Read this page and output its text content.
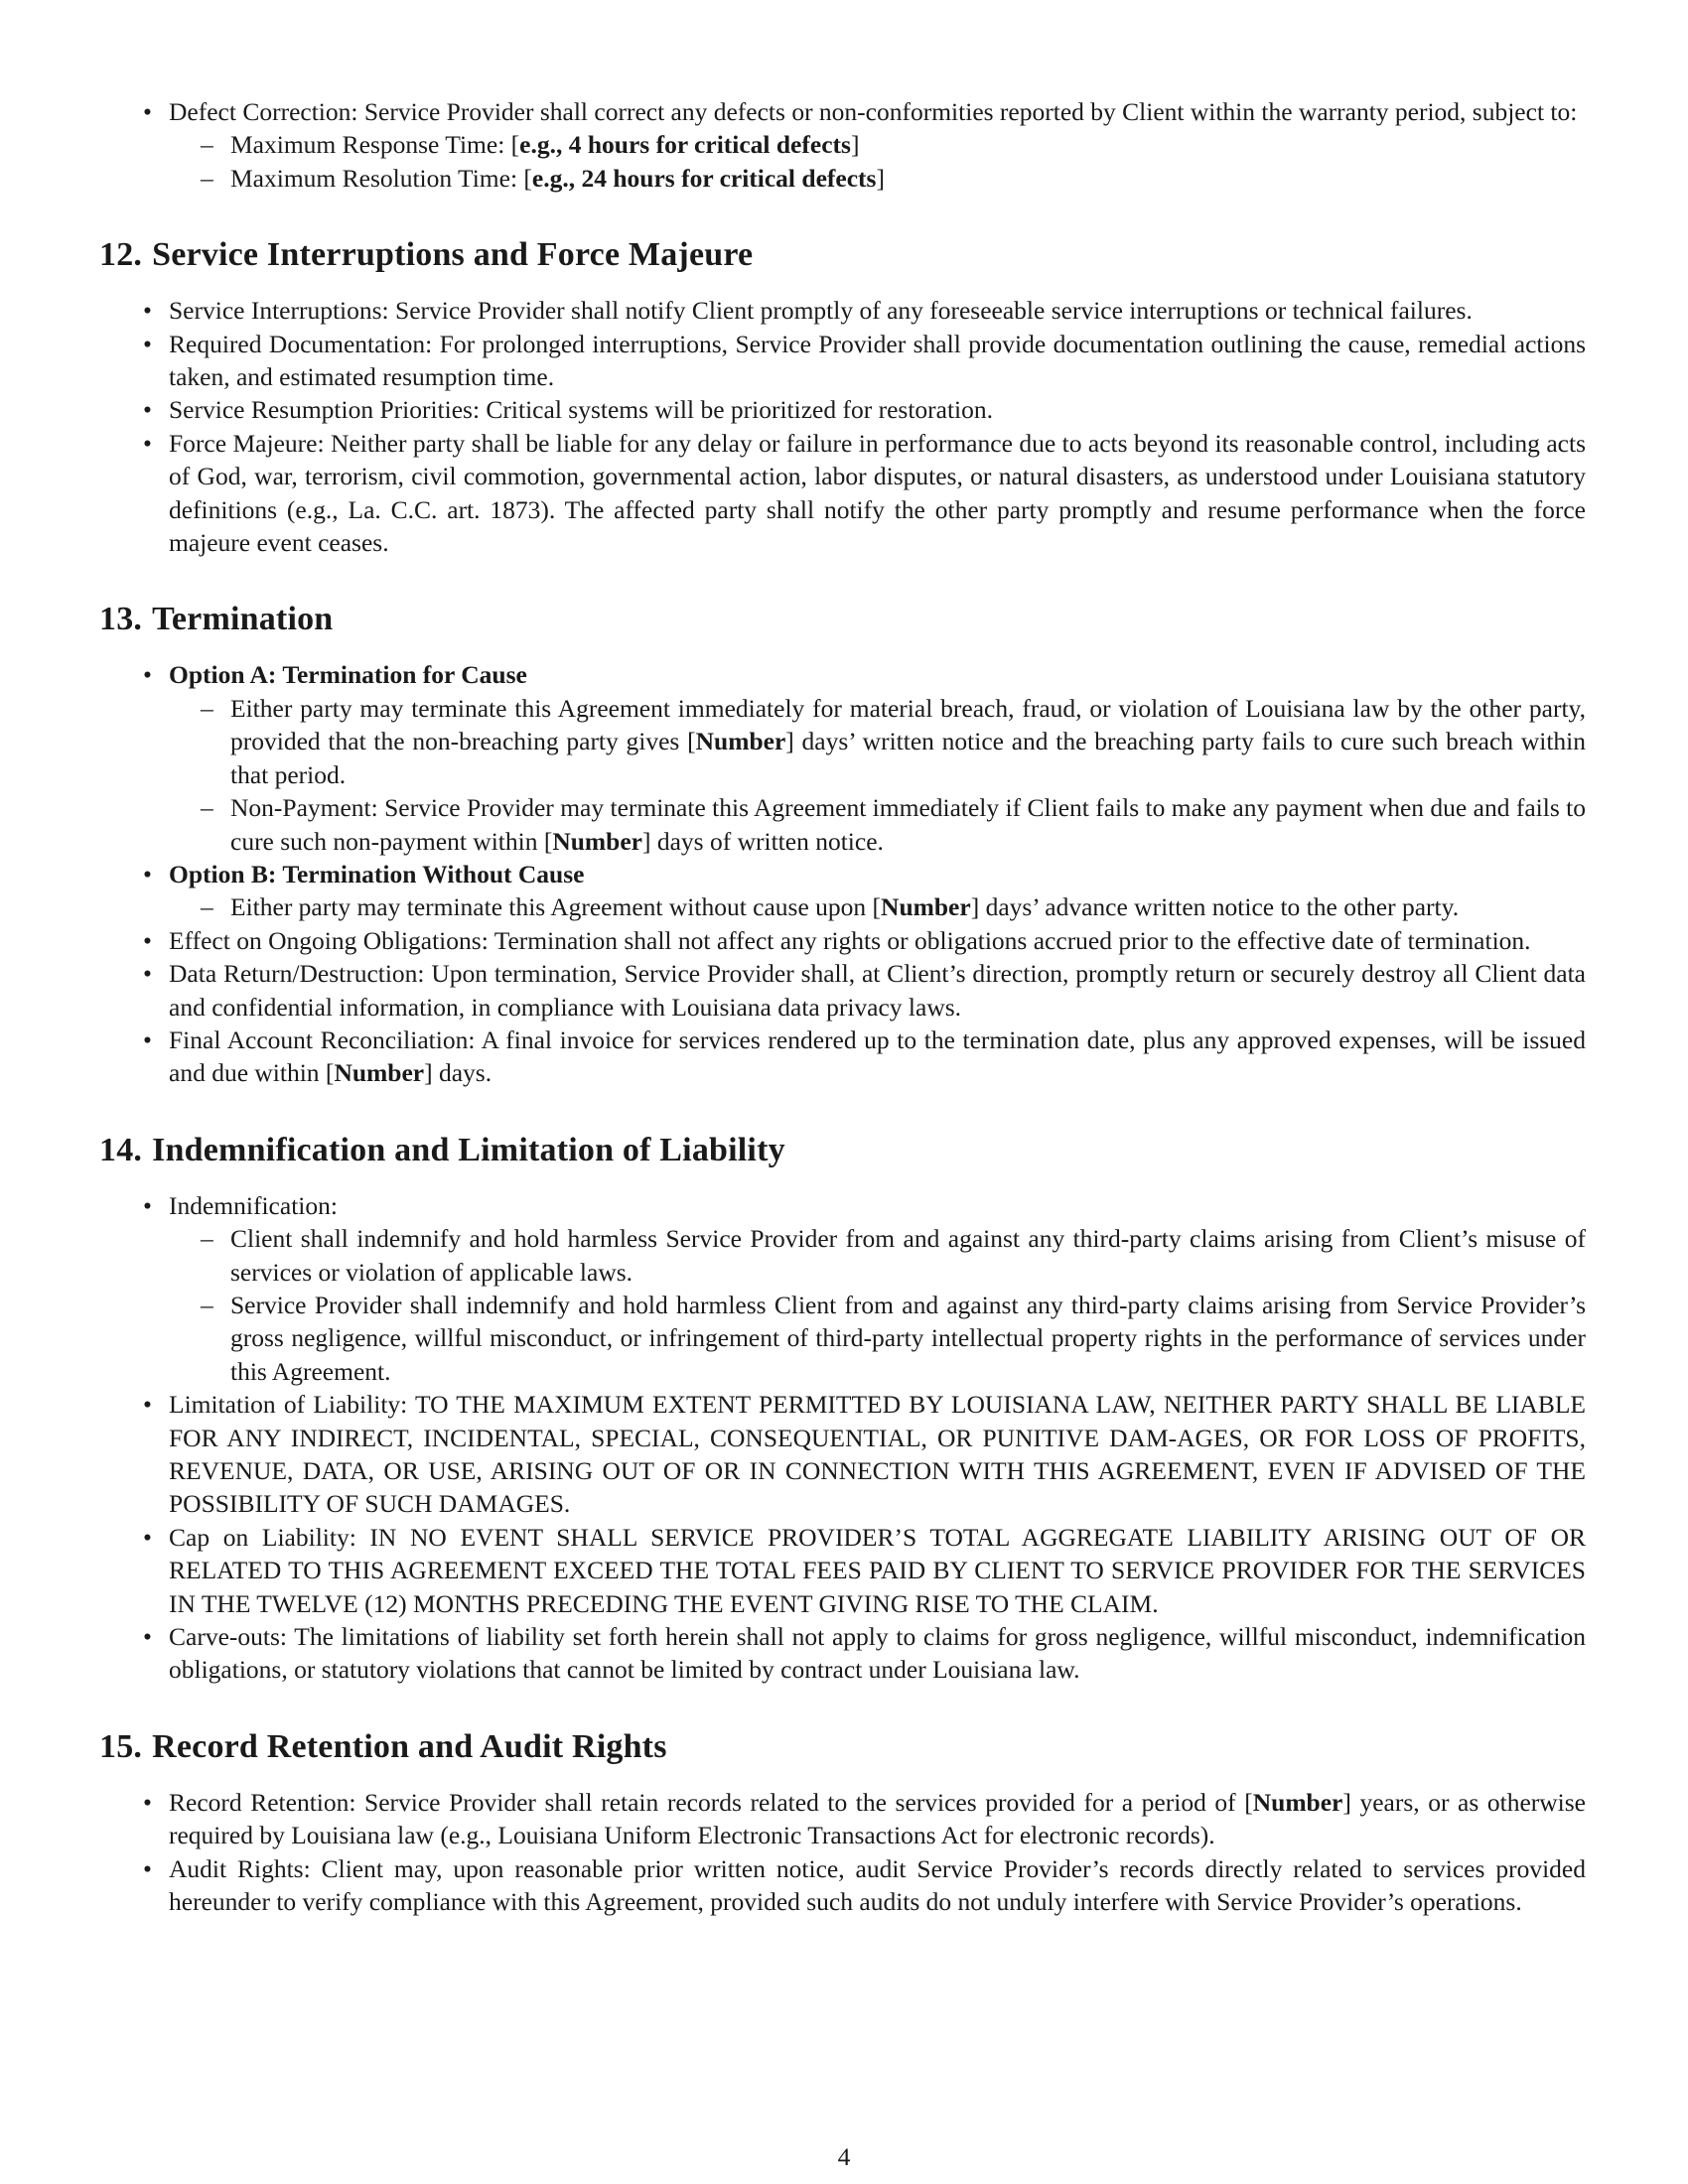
• Defect Correction: Service Provider shall correct any defects or non-conformities reported by Client within the warranty period, subject to:
– Maximum Response Time: [e.g., 4 hours for critical defects]
– Maximum Resolution Time: [e.g., 24 hours for critical defects]
12. Service Interruptions and Force Majeure
• Service Interruptions: Service Provider shall notify Client promptly of any foreseeable service interruptions or technical failures.
• Required Documentation: For prolonged interruptions, Service Provider shall provide documentation outlining the cause, remedial actions taken, and estimated resumption time.
• Service Resumption Priorities: Critical systems will be prioritized for restoration.
• Force Majeure: Neither party shall be liable for any delay or failure in performance due to acts beyond its reasonable control, including acts of God, war, terrorism, civil commotion, governmental action, labor disputes, or natural disasters, as understood under Louisiana statutory definitions (e.g., La. C.C. art. 1873). The affected party shall notify the other party promptly and resume performance when the force majeure event ceases.
13. Termination
• Option A: Termination for Cause
– Either party may terminate this Agreement immediately for material breach, fraud, or violation of Louisiana law by the other party, provided that the non-breaching party gives [Number] days’ written notice and the breaching party fails to cure such breach within that period.
– Non-Payment: Service Provider may terminate this Agreement immediately if Client fails to make any payment when due and fails to cure such non-payment within [Number] days of written notice.
• Option B: Termination Without Cause
– Either party may terminate this Agreement without cause upon [Number] days’ advance written notice to the other party.
• Effect on Ongoing Obligations: Termination shall not affect any rights or obligations accrued prior to the effective date of termination.
• Data Return/Destruction: Upon termination, Service Provider shall, at Client’s direction, promptly return or securely destroy all Client data and confidential information, in compliance with Louisiana data privacy laws.
• Final Account Reconciliation: A final invoice for services rendered up to the termination date, plus any approved expenses, will be issued and due within [Number] days.
14. Indemnification and Limitation of Liability
• Indemnification:
– Client shall indemnify and hold harmless Service Provider from and against any third-party claims arising from Client’s misuse of services or violation of applicable laws.
– Service Provider shall indemnify and hold harmless Client from and against any third-party claims arising from Service Provider’s gross negligence, willful misconduct, or infringement of third-party intellectual property rights in the performance of services under this Agreement.
• Limitation of Liability: TO THE MAXIMUM EXTENT PERMITTED BY LOUISIANA LAW, NEITHER PARTY SHALL BE LIABLE FOR ANY INDIRECT, INCIDENTAL, SPECIAL, CONSEQUENTIAL, OR PUNITIVE DAM-AGES, OR FOR LOSS OF PROFITS, REVENUE, DATA, OR USE, ARISING OUT OF OR IN CONNECTION WITH THIS AGREEMENT, EVEN IF ADVISED OF THE POSSIBILITY OF SUCH DAMAGES.
• Cap on Liability: IN NO EVENT SHALL SERVICE PROVIDER’S TOTAL AGGREGATE LIABILITY ARISING OUT OF OR RELATED TO THIS AGREEMENT EXCEED THE TOTAL FEES PAID BY CLIENT TO SERVICE PROVIDER FOR THE SERVICES IN THE TWELVE (12) MONTHS PRECEDING THE EVENT GIVING RISE TO THE CLAIM.
• Carve-outs: The limitations of liability set forth herein shall not apply to claims for gross negligence, willful misconduct, indemnification obligations, or statutory violations that cannot be limited by contract under Louisiana law.
15. Record Retention and Audit Rights
• Record Retention: Service Provider shall retain records related to the services provided for a period of [Number] years, or as otherwise required by Louisiana law (e.g., Louisiana Uniform Electronic Transactions Act for electronic records).
• Audit Rights: Client may, upon reasonable prior written notice, audit Service Provider’s records directly related to services provided hereunder to verify compliance with this Agreement, provided such audits do not unduly interfere with Service Provider’s operations.
4
